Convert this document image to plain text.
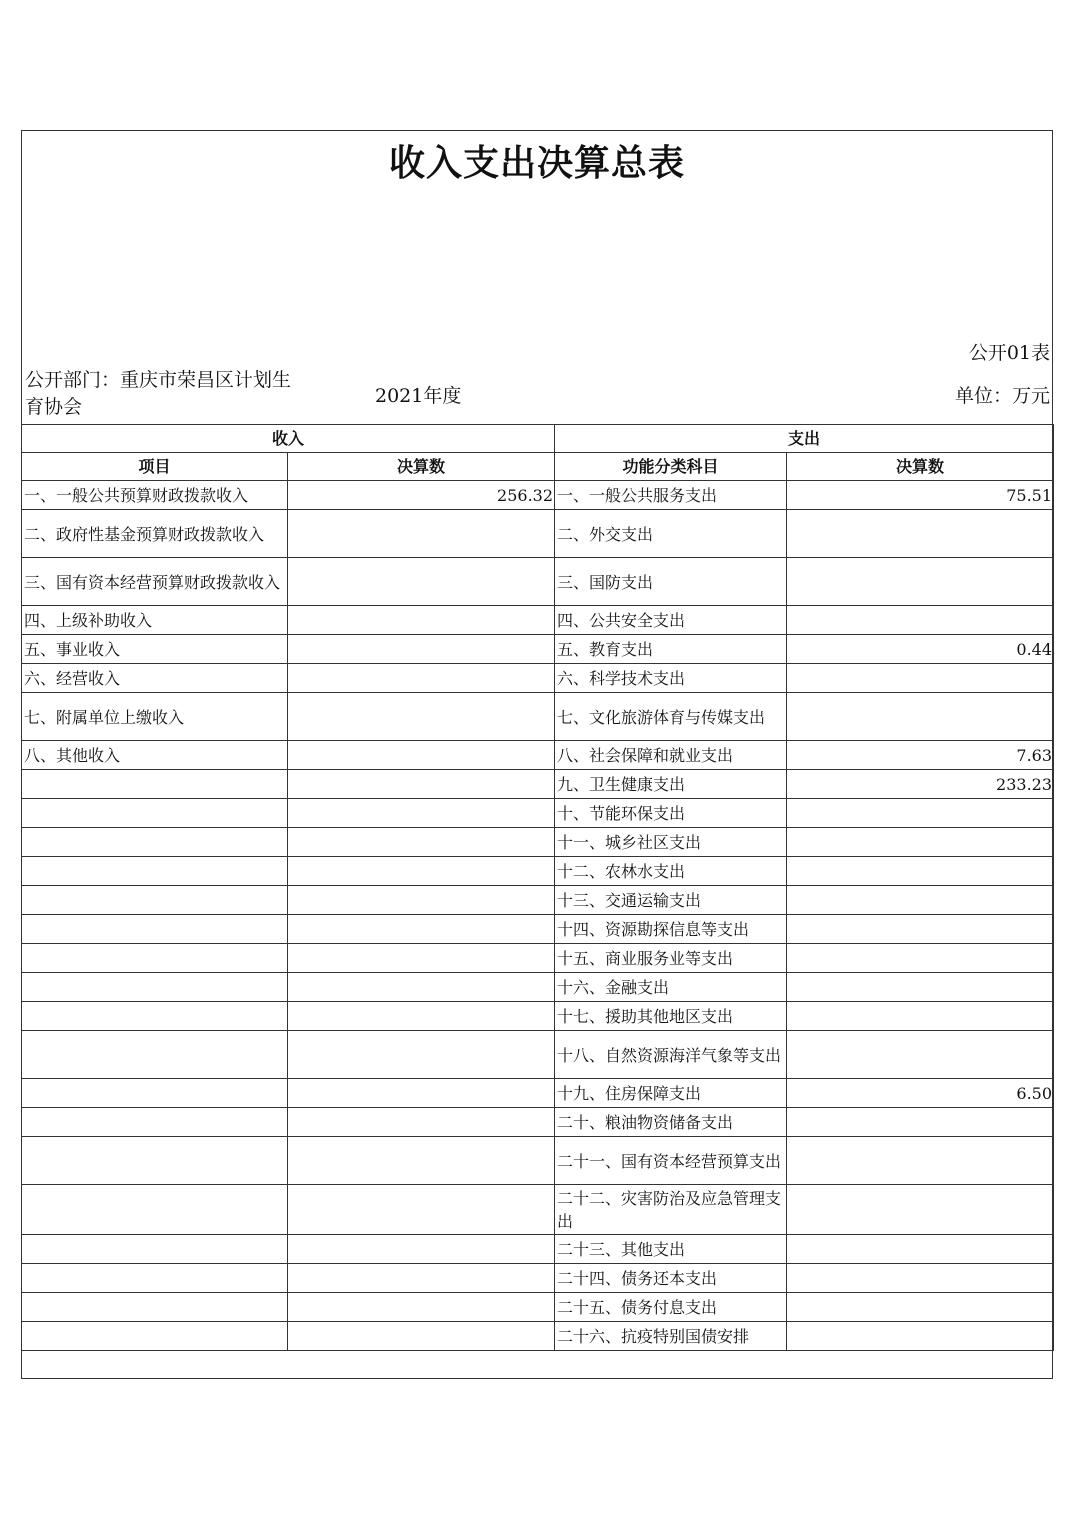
收入支出决算总表
公开01表
公开部门：重庆市荣昌区计划生育协会	2021年度	单位：万元
收入		支出	
项目	决算数	功能分类科目	决算数
一、一般公共预算财政拨款收入	256.32	一、一般公共服务支出	75.51
二、政府性基金预算财政拨款收入		二、外交支出	
三、国有资本经营预算财政拨款收入		三、国防支出	
四、上级补助收入		四、公共安全支出	
五、事业收入		五、教育支出	0.44
六、经营收入		六、科学技术支出	
七、附属单位上缴收入		七、文化旅游体育与传媒支出	
八、其他收入		八、社会保障和就业支出	7.63
		九、卫生健康支出	233.23
		十、节能环保支出	
		十一、城乡社区支出	
		十二、农林水支出	
		十三、交通运输支出	
		十四、资源勘探信息等支出	
		十五、商业服务业等支出	
		十六、金融支出	
		十七、援助其他地区支出	
		十八、自然资源海洋气象等支出	
		十九、住房保障支出	6.50
		二十、粮油物资储备支出	
		二十一、国有资本经营预算支出	
		二十二、灾害防治及应急管理支出	
		二十三、其他支出	
		二十四、债务还本支出	
		二十五、债务付息支出	
		二十六、抗疫特别国债安排	
